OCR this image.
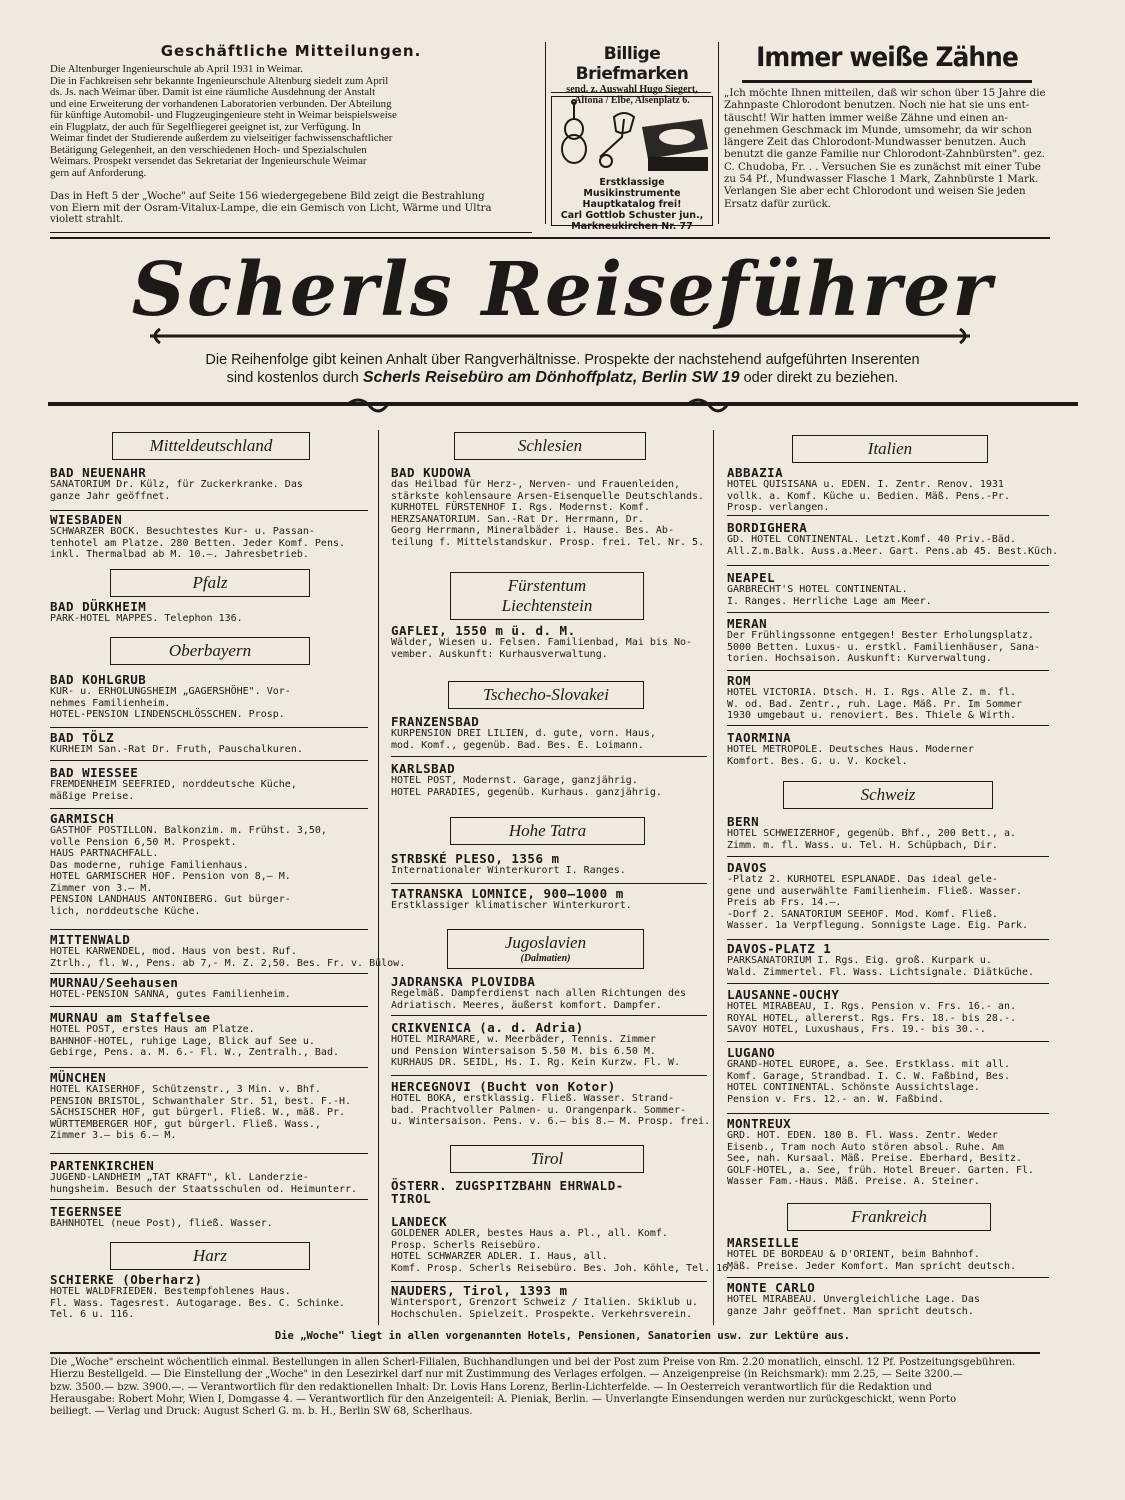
Geschäftliche Mitteilungen.
Die Altenburger Ingenieurschule ab April 1931 in Weimar.
Die in Fachkreisen sehr bekannte Ingenieurschule Altenburg siedelt zum April
ds. Js. nach Weimar über. Damit ist eine räumliche Ausdehnung der Anstalt
und eine Erweiterung der vorhandenen Laboratorien verbunden. Der Abteilung
für künftige Automobil- und Flugzeugingenieure steht in Weimar beispielsweise
ein Flugplatz, der auch für Segelfliegerei geeignet ist, zur Verfügung. In
Weimar findet der Studierende außerdem zu vielseitiger fachwissenschaftlicher
Betätigung Gelegenheit, an den verschiedenen Hoch- und Spezialschulen
Weimars. Prospekt versendet das Sekretariat der Ingenieurschule Weimar
gern auf Anforderung.
Das in Heft 5 der „Woche" auf Seite 156 wiedergegebene Bild zeigt die Bestrahlung
von Eiern mit der Osram-Vitalux-Lampe, die ein Gemisch von Licht, Wärme und Ultra
violett strahlt.
Billige Briefmarken
send. z. Auswahl Hugo Siegert,
Altona / Elbe, Alsenplatz 6.
Erstklassige Musikinstrumente
Hauptkatalog frei!
Carl Gottlob Schuster jun.,
Markneukirchen Nr. 77
Immer weiße Zähne
„Ich möchte Ihnen mitteilen, daß wir schon über 15 Jahre die
Zahnpaste Chlorodont benutzen. Noch nie hat sie uns ent-
täuscht! Wir hatten immer weiße Zähne und einen an-
genehmen Geschmack im Munde, umsomehr, da wir schon
längere Zeit das Chlorodont-Mundwasser benutzen. Auch
benutzt die ganze Familie nur Chlorodont-Zahnbürsten". gez.
C. Chudoba, Fr. . . Versuchen Sie es zunächst mit einer Tube
zu 54 Pf., Mundwasser Flasche 1 Mark, Zahnbürste 1 Mark.
Verlangen Sie aber echt Chlorodont und weisen Sie jeden
Ersatz dafür zurück.
Scherls Reiseführer
Die Reihenfolge gibt keinen Anhalt über Rangverhältnisse. Prospekte der nachstehend aufgeführten Inserenten
sind kostenlos durch Scherls Reisebüro am Dönhoffplatz, Berlin SW 19 oder direkt zu beziehen.
Mitteldeutschland
BAD NEUENAHR
SANATORIUM Dr. Külz, für Zuckerkranke. Das
ganze Jahr geöffnet.
WIESBADEN
SCHWARZER BOCK. Besuchtestes Kur- u. Passan-
tenhotel am Platze. 280 Betten. Jeder Komf. Pens.
inkl. Thermalbad ab M. 10.—. Jahresbetrieb.
Pfalz
BAD DÜRKHEIM
PARK-HOTEL MAPPES. Telephon 136.
Oberbayern
BAD KOHLGRUB
KUR- u. ERHOLUNGSHEIM „GAGERSHÖHE". Vor-
nehmes Familienheim.
HOTEL-PENSION LINDENSCHLÖSSCHEN. Prosp.
BAD TÖLZ
KURHEIM San.-Rat Dr. Fruth, Pauschalkuren.
BAD WIESSEE
FREMDENHEIM SEEFRIED, norddeutsche Küche,
mäßige Preise.
GARMISCH
GASTHOF POSTILLON. Balkonzim. m. Frühst. 3,50,
volle Pension 6,50 M. Prospekt.
HAUS PARTNACHFALL.
Das moderne, ruhige Familienhaus.
HOTEL GARMISCHER HOF. Pension von 8,— M.
Zimmer von 3.— M.
PENSION LANDHAUS ANTONIBERG. Gut bürger-
lich, norddeutsche Küche.
MITTENWALD
HOTEL KARWENDEL, mod. Haus von best. Ruf.
Ztrlh., fl. W., Pens. ab 7,- M. Z. 2,50. Bes. Fr. v. Bülow.
MURNAU/Seehausen
HOTEL-PENSION SANNA, gutes Familienheim.
MURNAU am Staffelsee
HOTEL POST, erstes Haus am Platze.
BAHNHOF-HOTEL, ruhige Lage, Blick auf See u.
Gebirge, Pens. a. M. 6.- Fl. W., Zentralh., Bad.
MÜNCHEN
HOTEL KAISERHOF, Schützenstr., 3 Min. v. Bhf.
PENSION BRISTOL, Schwanthaler Str. 51, best. F.-H.
SÄCHSISCHER HOF, gut bürgerl. Fließ. W., mäß. Pr.
WÜRTTEMBERGER HOF, gut bürgerl. Fließ. Wass.,
Zimmer 3.— bis 6.— M.
PARTENKIRCHEN
JUGEND-LANDHEIM „TAT KRAFT", kl. Landerzie-
hungsheim. Besuch der Staatsschulen od. Heimunterr.
TEGERNSEE
BAHNHOTEL (neue Post), fließ. Wasser.
Harz
SCHIERKE (Oberharz)
HOTEL WALDFRIEDEN. Bestempfohlenes Haus.
Fl. Wass. Tagesrest. Autogarage. Bes. C. Schinke.
Tel. 6 u. 116.
Schlesien
BAD KUDOWA
das Heilbad für Herz-, Nerven- und Frauenleiden,
stärkste kohlensaure Arsen-Eisenquelle Deutschlands.
KURHOTEL FÜRSTENHOF I. Rgs. Modernst. Komf.
HERZSANATORIUM. San.-Rat Dr. Herrmann, Dr.
Georg Herrmann, Mineralbäder i. Hause. Bes. Ab-
teilung f. Mittelstandskur. Prosp. frei. Tel. Nr. 5.
Fürstentum
Liechtenstein
GAFLEI, 1550 m ü. d. M.
Wälder, Wiesen u. Felsen. Familienbad, Mai bis No-
vember. Auskunft: Kurhausverwaltung.
Tschecho-Slovakei
FRANZENSBAD
KURPENSION DREI LILIEN, d. gute, vorn. Haus,
mod. Komf., gegenüb. Bad. Bes. E. Loimann.
KARLSBAD
HOTEL POST, Modernst. Garage, ganzjährig.
HOTEL PARADIES, gegenüb. Kurhaus. ganzjährig.
Hohe Tatra
STRBSKÉ PLESO, 1356 m
Internationaler Winterkurort I. Ranges.
TATRANSKA LOMNICE, 900—1000 m
Erstklassiger klimatischer Winterkurort.
Jugoslavien
(Dalmatien)
JADRANSKA PLOVIDBA
Regelmäß. Dampferdienst nach allen Richtungen des
Adriatisch. Meeres, äußerst komfort. Dampfer.
CRIKVENICA (a. d. Adria)
HOTEL MIRAMARE, w. Meerbäder, Tennis. Zimmer
und Pension Wintersaison 5.50 M. bis 6.50 M.
KURHAUS DR. SEIDL, Hs. I. Rg. Kein Kurzw. Fl. W.
HERCEGNOVI (Bucht von Kotor)
HOTEL BOKA, erstklassig. Fließ. Wasser. Strand-
bad. Prachtvoller Palmen- u. Orangenpark. Sommer-
u. Wintersaison. Pens. v. 6.— bis 8.— M. Prosp. frei.
Tirol
ÖSTERR. ZUGSPITZBAHN EHRWALD-
TIROL
LANDECK
GOLDENER ADLER, bestes Haus a. Pl., all. Komf.
Prosp. Scherls Reisebüro.
HOTEL SCHWARZER ADLER. I. Haus, all.
Komf. Prosp. Scherls Reisebüro. Bes. Joh. Köhle, Tel. 16.
NAUDERS, Tirol, 1393 m
Wintersport, Grenzort Schweiz / Italien. Skiklub u.
Hochschulen. Spielzeit. Prospekte. Verkehrsverein.
Italien
ABBAZIA
HOTEL QUISISANA u. EDEN. I. Zentr. Renov. 1931
vollk. a. Komf. Küche u. Bedien. Mäß. Pens.-Pr.
Prosp. verlangen.
BORDIGHERA
GD. HOTEL CONTINENTAL. Letzt.Komf. 40 Priv.-Bäd.
All.Z.m.Balk. Auss.a.Meer. Gart. Pens.ab 45. Best.Küch.
NEAPEL
GARBRECHT'S HOTEL CONTINENTAL.
I. Ranges. Herrliche Lage am Meer.
MERAN
Der Frühlingssonne entgegen! Bester Erholungsplatz.
5000 Betten. Luxus- u. erstkl. Familienhäuser, Sana-
torien. Hochsaison. Auskunft: Kurverwaltung.
ROM
HOTEL VICTORIA. Dtsch. H. I. Rgs. Alle Z. m. fl.
W. od. Bad. Zentr., ruh. Lage. Mäß. Pr. Im Sommer
1930 umgebaut u. renoviert. Bes. Thiele & Wirth.
TAORMINA
HOTEL METROPOLE. Deutsches Haus. Moderner
Komfort. Bes. G. u. V. Kockel.
Schweiz
BERN
HOTEL SCHWEIZERHOF, gegenüb. Bhf., 200 Bett., a.
Zimm. m. fl. Wass. u. Tel. H. Schüpbach, Dir.
DAVOS
-Platz 2. KURHOTEL ESPLANADE. Das ideal gele-
gene und auserwählte Familienheim. Fließ. Wasser.
Preis ab Frs. 14.—.
-Dorf 2. SANATORIUM SEEHOF. Mod. Komf. Fließ.
Wasser. 1a Verpflegung. Sonnigste Lage. Eig. Park.
DAVOS-PLATZ 1
PARKSANATORIUM I. Rgs. Eig. groß. Kurpark u.
Wald. Zimmertel. Fl. Wass. Lichtsignale. Diätküche.
LAUSANNE-OUCHY
HOTEL MIRABEAU, I. Rgs. Pension v. Frs. 16.- an.
ROYAL HOTEL, allererst. Rgs. Frs. 18.- bis 28.-.
SAVOY HOTEL, Luxushaus, Frs. 19.- bis 30.-.
LUGANO
GRAND-HOTEL EUROPE, a. See. Erstklass. mit all.
Komf. Garage, Strandbad. I. C. W. Faßbind, Bes.
HOTEL CONTINENTAL. Schönste Aussichtslage.
Pension v. Frs. 12.- an. W. Faßbind.
MONTREUX
GRD. HOT. EDEN. 180 B. Fl. Wass. Zentr. Weder
Eisenb., Tram noch Auto stören absol. Ruhe. Am
See, nah. Kursaal. Mäß. Preise. Eberhard, Besitz.
GOLF-HOTEL, a. See, früh. Hotel Breuer. Garten. Fl.
Wasser Fam.-Haus. Mäß. Preise. A. Steiner.
Frankreich
MARSEILLE
HOTEL DE BORDEAU & D'ORIENT, beim Bahnhof.
Mäß. Preise. Jeder Komfort. Man spricht deutsch.
MONTE CARLO
HOTEL MIRABEAU. Unvergleichliche Lage. Das
ganze Jahr geöffnet. Man spricht deutsch.
Die „Woche" liegt in allen vorgenannten Hotels, Pensionen, Sanatorien usw. zur Lektüre aus.
Die „Woche" erscheint wöchentlich einmal. Bestellungen in allen Scherl-Filialen, Buchhandlungen und bei der Post zum Preise von Rm. 2.20 monatlich, einschl. 12 Pf. Postzeitungsgebühren.
Hierzu Bestellgeld. — Die Einstellung der „Woche" in den Lesezirkel darf nur mit Zustimmung des Verlages erfolgen. — Anzeigenpreise (in Reichsmark): mm 2.25, — Seite 3200.—
bzw. 3500.— bzw. 3900.—. — Verantwortlich für den redaktionellen Inhalt: Dr. Lovis Hans Lorenz, Berlin-Lichterfelde. — In Oesterreich verantwortlich für die Redaktion und
Herausgabe: Robert Mohr, Wien I, Domgasse 4. — Verantwortlich für den Anzeigenteil: A. Pieniak, Berlin. — Unverlangte Einsendungen werden nur zurückgeschickt, wenn Porto
beiliegt. — Verlag und Druck: August Scherl G. m. b. H., Berlin SW 68, Scherlhaus.
